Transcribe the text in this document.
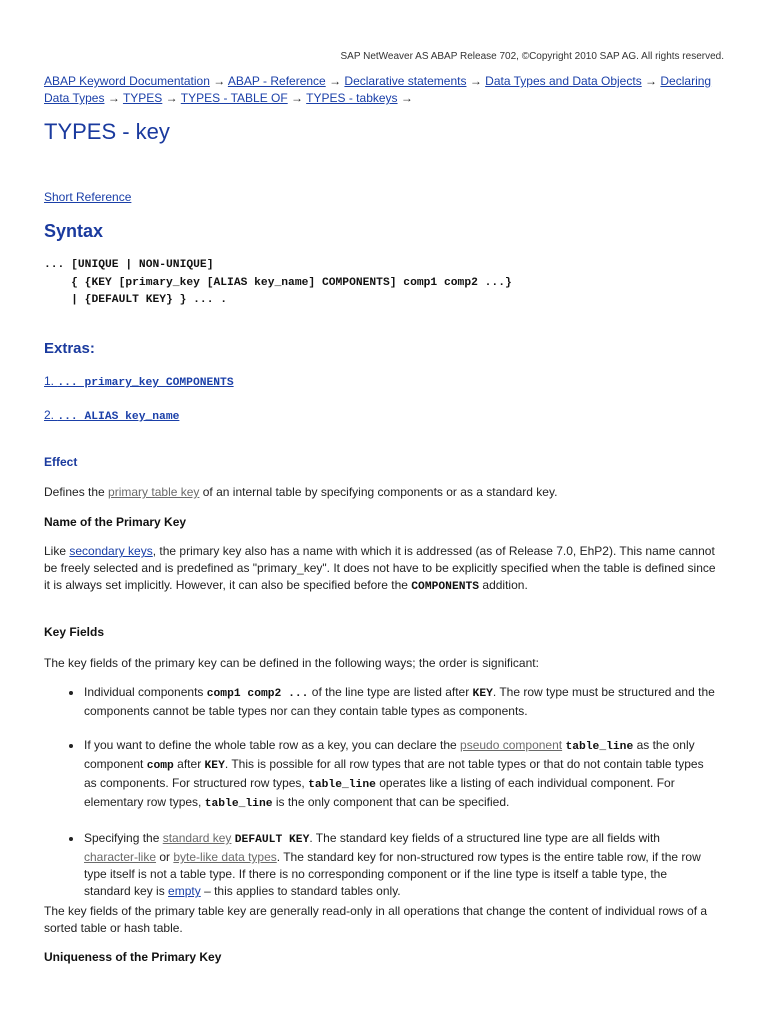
SAP NetWeaver AS ABAP Release 702, ©Copyright 2010 SAP AG. All rights reserved.
ABAP Keyword Documentation → ABAP - Reference → Declarative statements → Data Types and Data Objects → Declaring Data Types → TYPES → TYPES - TABLE OF → TYPES - tabkeys →
TYPES - key
Short Reference
Syntax
... [UNIQUE | NON-UNIQUE]
{ {KEY [primary_key [ALIAS key_name] COMPONENTS] comp1 comp2 ...}
| {DEFAULT KEY} } ... .
Extras:
1. ... primary_key COMPONENTS
2. ... ALIAS key_name
Effect
Defines the primary table key of an internal table by specifying components or as a standard key.
Name of the Primary Key
Like secondary keys, the primary key also has a name with which it is addressed (as of Release 7.0, EhP2). This name cannot be freely selected and is predefined as "primary_key". It does not have to be explicitly specified when the table is defined since it is always set implicitly. However, it can also be specified before the COMPONENTS addition.
Key Fields
The key fields of the primary key can be defined in the following ways; the order is significant:
Individual components comp1 comp2 ... of the line type are listed after KEY. The row type must be structured and the components cannot be table types nor can they contain table types as components.
If you want to define the whole table row as a key, you can declare the pseudo component table_line as the only component comp after KEY. This is possible for all row types that are not table types or that do not contain table types as components. For structured row types, table_line operates like a listing of each individual component. For elementary row types, table_line is the only component that can be specified.
Specifying the standard key DEFAULT KEY. The standard key fields of a structured line type are all fields with character-like or byte-like data types. The standard key for non-structured row types is the entire table row, if the row type itself is not a table type. If there is no corresponding component or if the line type is itself a table type, the standard key is empty – this applies to standard tables only.
The key fields of the primary table key are generally read-only in all operations that change the content of individual rows of a sorted table or hash table.
Uniqueness of the Primary Key
